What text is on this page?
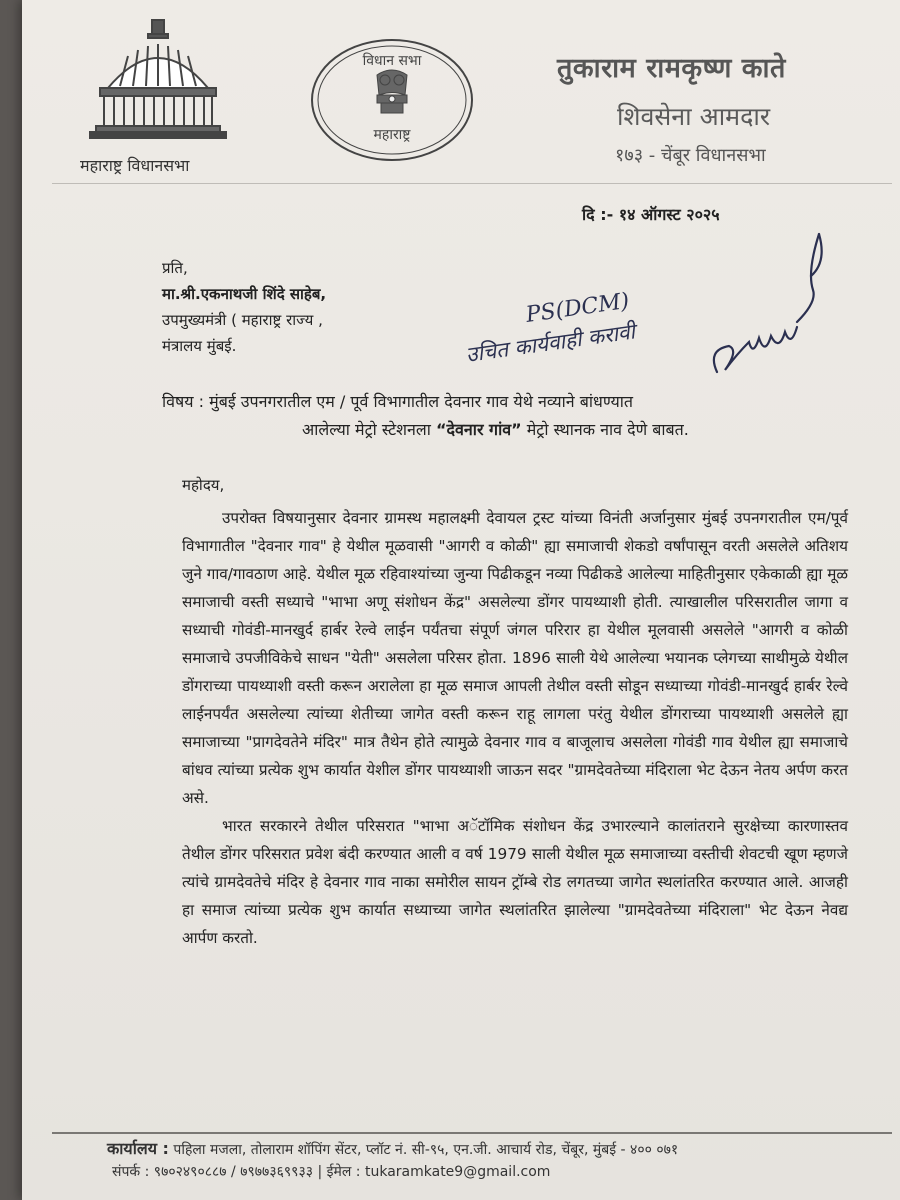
महाराष्ट्र विधानसभा
विधान सभा
महाराष्ट्र
तुकाराम रामकृष्ण काते
शिवसेना आमदार
१७३ - चेंबूर विधानसभा
दि :- १४ ऑगस्ट २०२५
प्रति,
मा.श्री.एकनाथजी शिंदे साहेब,
उपमुख्यमंत्री ( महाराष्ट्र राज्य ,
मंत्रालय मुंबई.
PS(DCM)
उचित कार्यवाही करावी
विषय : मुंबई उपनगरातील एम / पूर्व विभागातील देवनार गाव येथे नव्याने बांधण्यात
आलेल्या मेट्रो स्टेशनला “देवनार गांव” मेट्रो स्थानक नाव देणे बाबत.
महोदय,

उपरोक्त विषयानुसार देवनार ग्रामस्थ महालक्ष्मी देवायल ट्रस्ट यांच्या विनंती अर्जानुसार मुंबई उपनगरातील एम/पूर्व विभागातील "देवनार गाव" हे येथील मूळवासी "आगरी व कोळी" ह्या समाजाची शेकडो वर्षांपासून वरती असलेले अतिशय जुने गाव/गावठाण आहे. येथील मूळ रहिवाश्यांच्या जुन्या पिढीकडून नव्या पिढीकडे आलेल्या माहितीनुसार एकेकाळी ह्या मूळ समाजाची वस्ती सध्याचे "भाभा अणू संशोधन केंद्र" असलेल्या डोंगर पायथ्याशी होती. त्याखालील परिसरातील जागा व सध्याची गोवंडी-मानखुर्द हार्बर रेल्वे लाईन पर्यंतचा संपूर्ण जंगल परिरार हा येथील मूलवासी असलेले "आगरी व कोळी समाजाचे उपजीविकेचे साधन "येती" असलेला परिसर होता. 1896 साली येथे आलेल्या भयानक प्लेगच्या साथीमुळे येथील डोंगराच्या पायथ्याशी वस्ती करून अरालेला हा मूळ समाज आपली तेथील वस्ती सोडून सध्याच्या गोवंडी-मानखुर्द हार्बर रेल्वे लाईनपर्यंत असलेल्या त्यांच्या शेतीच्या जागेत वस्ती करून राहू लागला परंतु येथील डोंगराच्या पायथ्याशी असलेले ह्या समाजाच्या "प्रागदेवतेने मंदिर" मात्र तैथेन होते त्यामुळे देवनार गाव व बाजूलाच असलेला गोवंडी गाव येथील ह्या समाजाचे बांधव त्यांच्या प्रत्येक शुभ कार्यात येशील डोंगर पायथ्याशी जाऊन सदर "ग्रामदेवतेच्या मंदिराला भेट देऊन नेतय अर्पण करत असे.

भारत सरकारने तेथील परिसरात "भाभा अॅटॉमिक संशोधन केंद्र उभारल्याने कालांतराने सुरक्षेच्या कारणास्तव तेथील डोंगर परिसरात प्रवेश बंदी करण्यात आली व वर्ष 1979 साली येथील मूळ समाजाच्या वस्तीची शेवटची खूण म्हणजे त्यांचे ग्रामदेवतेचे मंदिर हे देवनार गाव नाका समोरील सायन ट्रॉम्बे रोड लगतच्या जागेत स्थलांतरित करण्यात आले. आजही हा समाज त्यांच्या प्रत्येक शुभ कार्यात सध्याच्या जागेत स्थलांतरित झालेल्या "ग्रामदेवतेच्या मंदिराला" भेट देऊन नेवद्य आर्पण करतो.

कार्यालय : पहिला मजला, तोलाराम शॉपिंग सेंटर, प्लॉट नं. सी-९५, एन.जी. आचार्य रोड, चेंबूर, मुंबई - ४०० ०७१
संपर्क : ९७०२४९०८८७ / ७९७७३६९९३३ | ईमेल : tukaramkate9@gmail.com
